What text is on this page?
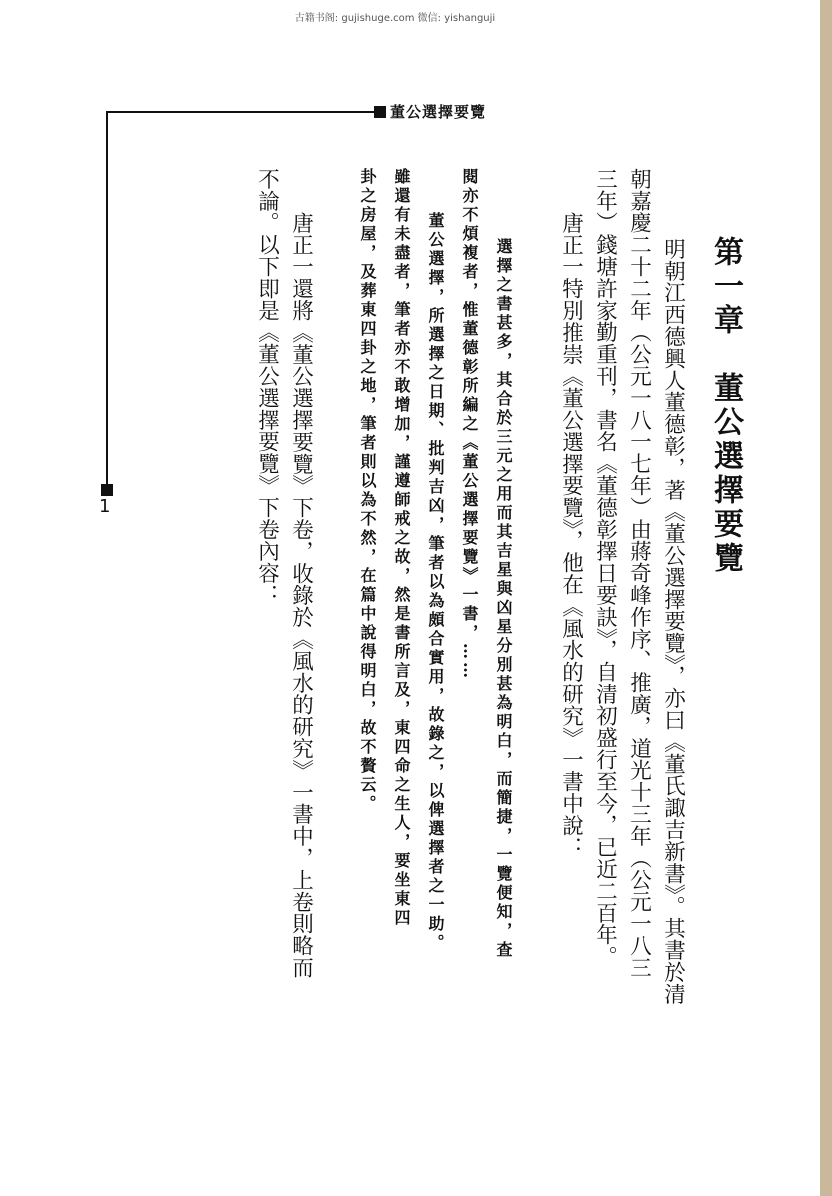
古籍书阁: gujishuge.com 微信: yishanguji
董公選擇要覽
1	第一章　董公選擇要覽
明朝江西德興人董德彰，著《董公選擇要覽》，亦曰《董氏諏吉新書》。其書於清
朝嘉慶二十二年（公元一八一七年）由蔣奇峰作序、推廣，道光十三年（公元一八三
三年）錢塘許家勤重刊，書名《董德彰擇日要訣》，自清初盛行至今，已近二百年。
唐正一特別推崇《董公選擇要覽》，他在《風水的研究》一書中說：
選擇之書甚多，其合於三元之用而其吉星與凶星分別甚為明白，而簡捷，一覽便知，查
閱亦不煩複者，惟董德彰所編之《董公選擇要覽》一書，……
董公選擇，所選擇之日期、批判吉凶，筆者以為頗合實用，故錄之，以俾選擇者之一助。
雖還有未盡者，筆者亦不敢增加，謹遵師戒之故，然是書所言及，東四命之生人，要坐東四
卦之房屋，及葬東四卦之地，筆者則以為不然，在篇中說得明白，故不贅云。
唐正一還將《董公選擇要覽》下卷，收錄於《風水的研究》一書中，上卷則略而
不論。以下即是《董公選擇要覽》下卷內容：
